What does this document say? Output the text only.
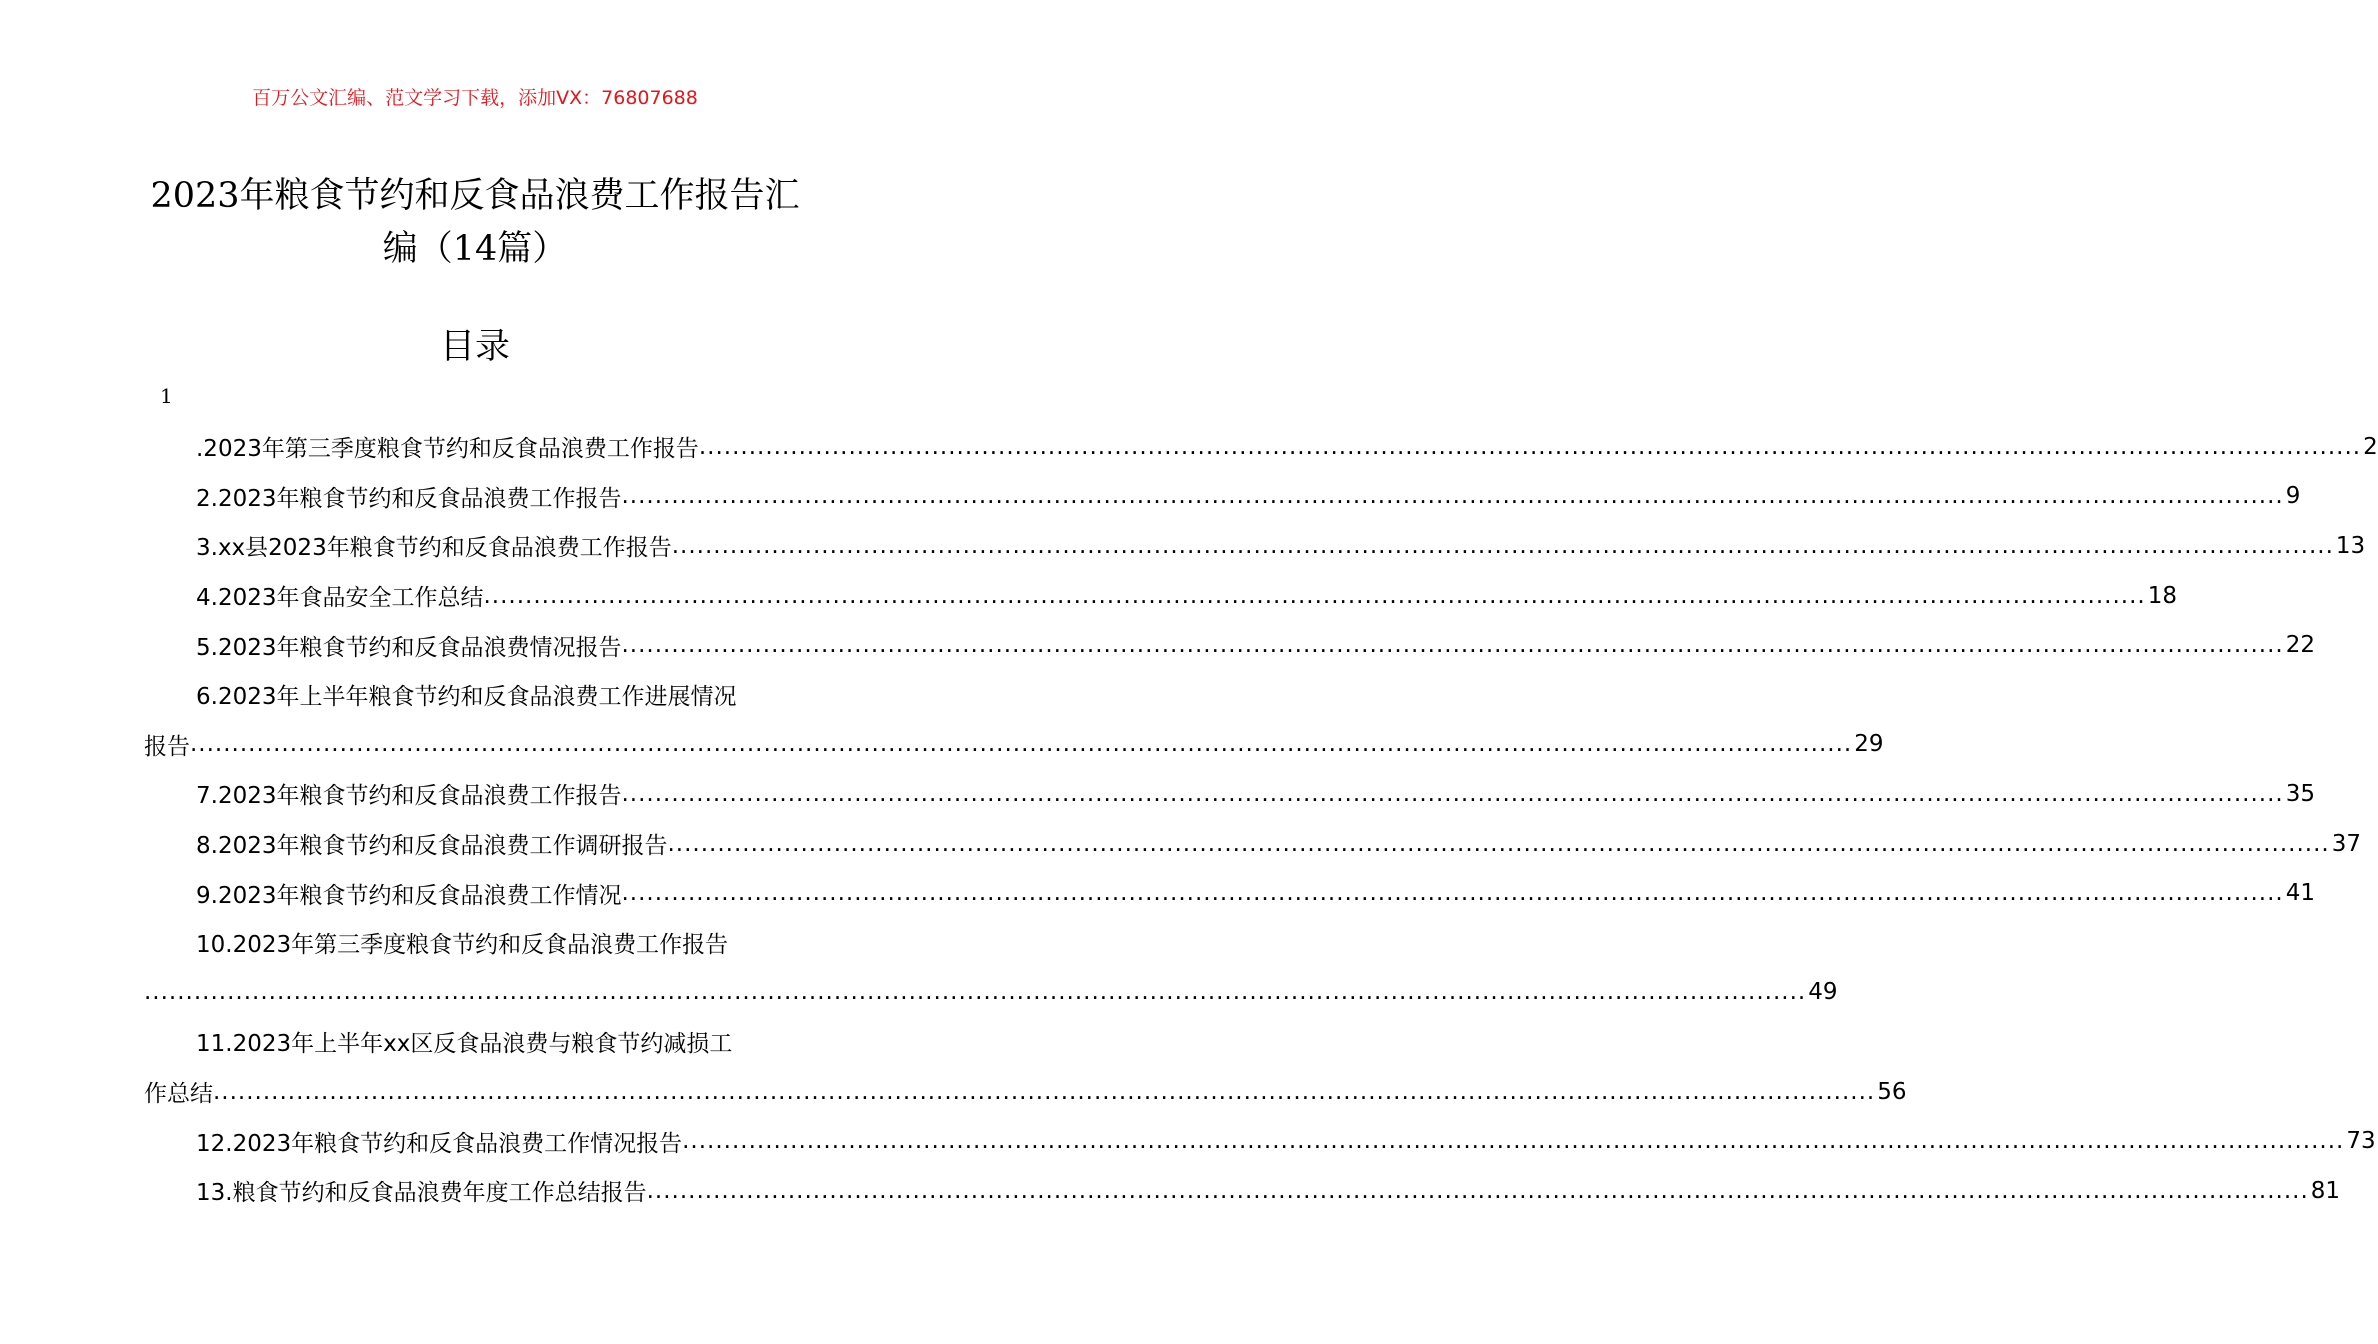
百万公文汇编、范文学习下载，添加VX：76807688
2023年粮食节约和反食品浪费工作报告汇
编（14篇）
目录
1
.2023年第三季度粮食节约和反食品浪费工作报告 ........................................................................................................................................................................................................ 2
2.2023年粮食节约和反食品浪费工作报告 ........................................................................................................................................................................................................ 9
3.xx县2023年粮食节约和反食品浪费工作报告 ........................................................................................................................................................................................................ 13
4.2023年食品安全工作总结 ........................................................................................................................................................................................................ 18
5.2023年粮食节约和反食品浪费情况报告 ........................................................................................................................................................................................................ 22
6.2023年上半年粮食节约和反食品浪费工作进展情况
报告 ........................................................................................................................................................................................................ 29
7.2023年粮食节约和反食品浪费工作报告 ........................................................................................................................................................................................................ 35
8.2023年粮食节约和反食品浪费工作调研报告 ........................................................................................................................................................................................................ 37
9.2023年粮食节约和反食品浪费工作情况 ........................................................................................................................................................................................................ 41
10.2023年第三季度粮食节约和反食品浪费工作报告
........................................................................................................................................................................................................ 49
11.2023年上半年xx区反食品浪费与粮食节约减损工
作总结 ........................................................................................................................................................................................................ 56
12.2023年粮食节约和反食品浪费工作情况报告 ........................................................................................................................................................................................................ 73
13.粮食节约和反食品浪费年度工作总结报告 ........................................................................................................................................................................................................ 81
